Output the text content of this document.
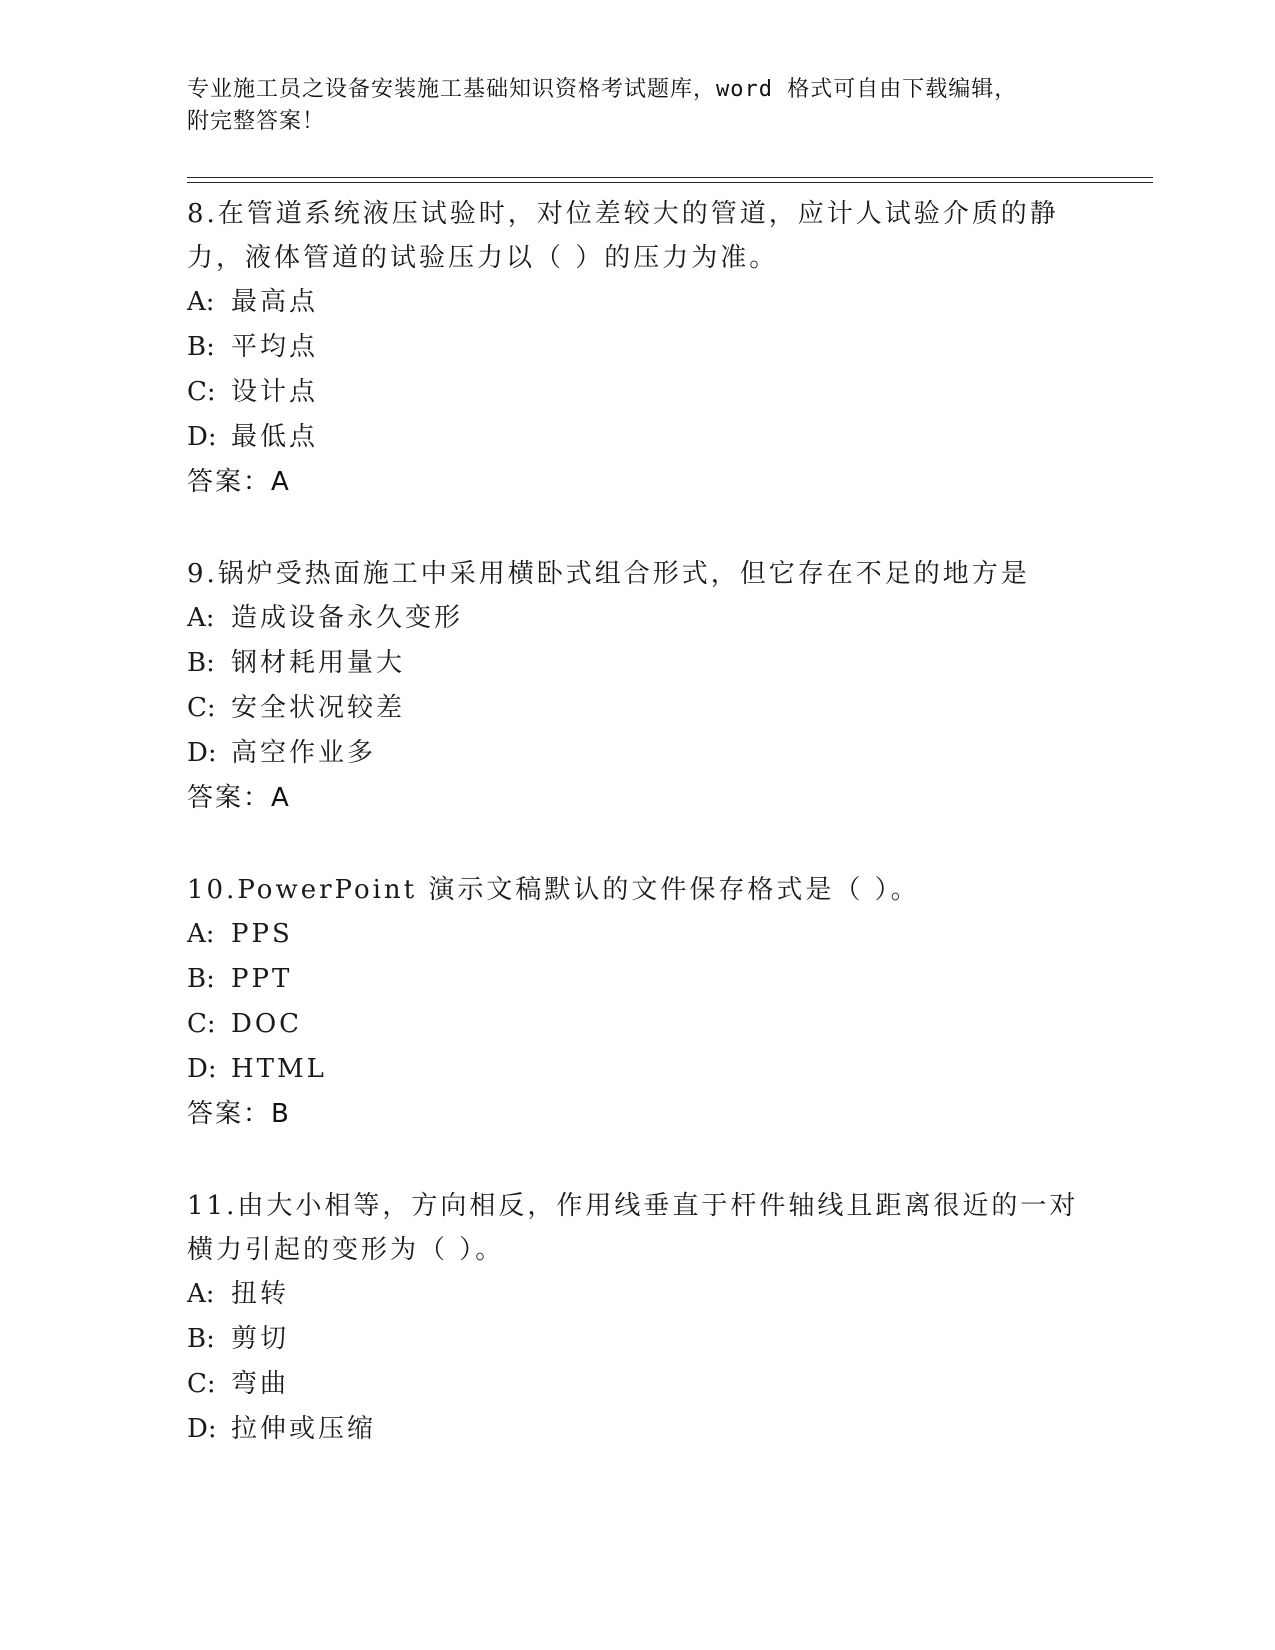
专业施工员之设备安装施工基础知识资格考试题库，word 格式可自由下载编辑，
附完整答案！

8.在管道系统液压试验时，对位差较大的管道，应计人试验介质的静

力，液体管道的试验压力以（ ）的压力为准。

A: 最高点

B: 平均点

C: 设计点

D: 最低点

答案：A

9.锅炉受热面施工中采用横卧式组合形式，但它存在不足的地方是

A: 造成设备永久变形

B: 钢材耗用量大

C: 安全状况较差

D: 高空作业多

答案：A

10.PowerPoint 演示文稿默认的文件保存格式是（ ）。

A: PPS

B: PPT

C: DOC

D: HTML

答案：B

11.由大小相等，方向相反，作用线垂直于杆件轴线且距离很近的一对

横力引起的变形为（ ）。

A: 扭转

B: 剪切

C: 弯曲

D: 拉伸或压缩
